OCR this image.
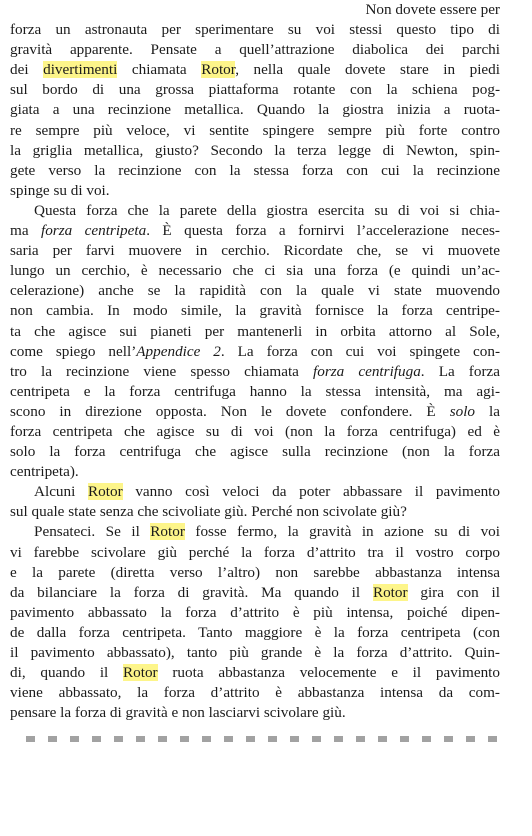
Non dovete essere per
forza un astronauta per sperimentare su voi stessi questo tipo di
gravità apparente. Pensate a quell’attrazione diabolica dei parchi
dei divertimenti chiamata Rotor, nella quale dovete stare in piedi
sul bordo di una grossa piattaforma rotante con la schiena pog-
giata a una recinzione metallica. Quando la giostra inizia a ruota-
re sempre più veloce, vi sentite spingere sempre più forte contro
la griglia metallica, giusto? Secondo la terza legge di Newton, spin-
gete verso la recinzione con la stessa forza con cui la recinzione
spinge su di voi.
Questa forza che la parete della giostra esercita su di voi si chia-
ma forza centripeta. È questa forza a fornirvi l’accelerazione neces-
saria per farvi muovere in cerchio. Ricordate che, se vi muovete
lungo un cerchio, è necessario che ci sia una forza (e quindi un’ac-
celerazione) anche se la rapidità con la quale vi state muovendo
non cambia. In modo simile, la gravità fornisce la forza centripe-
ta che agisce sui pianeti per mantenerli in orbita attorno al Sole,
come spiego nell’Appendice 2. La forza con cui voi spingete con-
tro la recinzione viene spesso chiamata forza centrifuga. La forza
centripeta e la forza centrifuga hanno la stessa intensità, ma agi-
scono in direzione opposta. Non le dovete confondere. È solo la
forza centripeta che agisce su di voi (non la forza centrifuga) ed è
solo la forza centrifuga che agisce sulla recinzione (non la forza
centripeta).
Alcuni Rotor vanno così veloci da poter abbassare il pavimento
sul quale state senza che scivoliate giù. Perché non scivolate giù?
Pensateci. Se il Rotor fosse fermo, la gravità in azione su di voi
vi farebbe scivolare giù perché la forza d’attrito tra il vostro corpo
e la parete (diretta verso l’altro) non sarebbe abbastanza intensa
da bilanciare la forza di gravità. Ma quando il Rotor gira con il
pavimento abbassato la forza d’attrito è più intensa, poiché dipen-
de dalla forza centripeta. Tanto maggiore è la forza centripeta (con
il pavimento abbassato), tanto più grande è la forza d’attrito. Quin-
di, quando il Rotor ruota abbastanza velocemente e il pavimento
viene abbassato, la forza d’attrito è abbastanza intensa da com-
pensare la forza di gravità e non lasciarvi scivolare giù.
